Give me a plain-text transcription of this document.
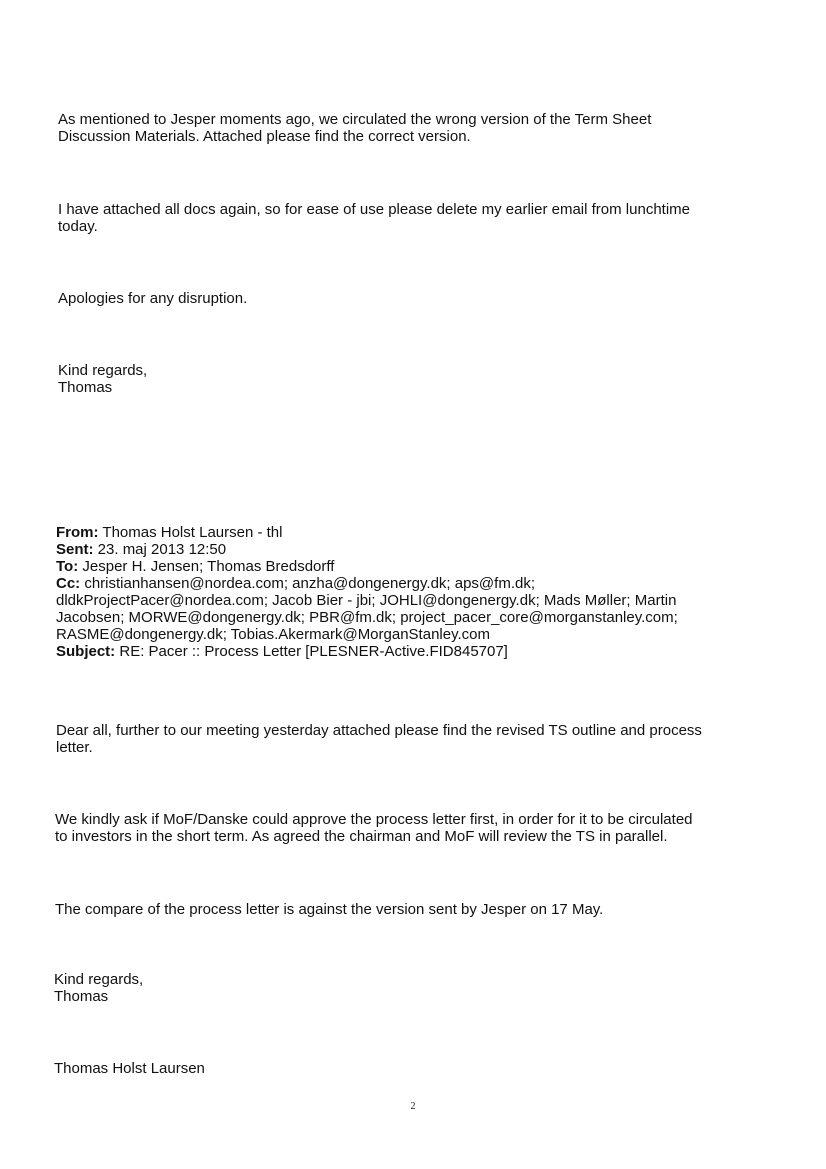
As mentioned to Jesper moments ago, we circulated the wrong version of the Term Sheet
Discussion Materials. Attached please find the correct version.

I have attached all docs again, so for ease of use please delete my earlier email from lunchtime
today.

Apologies for any disruption.

Kind regards,
Thomas

From: Thomas Holst Laursen - thl
Sent: 23. maj 2013 12:50
To: Jesper H. Jensen; Thomas Bredsdorff
Cc: christianhansen@nordea.com; anzha@dongenergy.dk; aps@fm.dk;
dldkProjectPacer@nordea.com; Jacob Bier - jbi; JOHLI@dongenergy.dk; Mads Møller; Martin
Jacobsen; MORWE@dongenergy.dk; PBR@fm.dk; project_pacer_core@morganstanley.com;
RASME@dongenergy.dk; Tobias.Akermark@MorganStanley.com
Subject: RE: Pacer :: Process Letter [PLESNER-Active.FID845707]

Dear all, further to our meeting yesterday attached please find the revised TS outline and process
letter.

We kindly ask if MoF/Danske could approve the process letter first, in order for it to be circulated
to investors in the short term. As agreed the chairman and MoF will review the TS in parallel.

The compare of the process letter is against the version sent by Jesper on 17 May.

Kind regards,
Thomas

Thomas Holst Laursen

2
